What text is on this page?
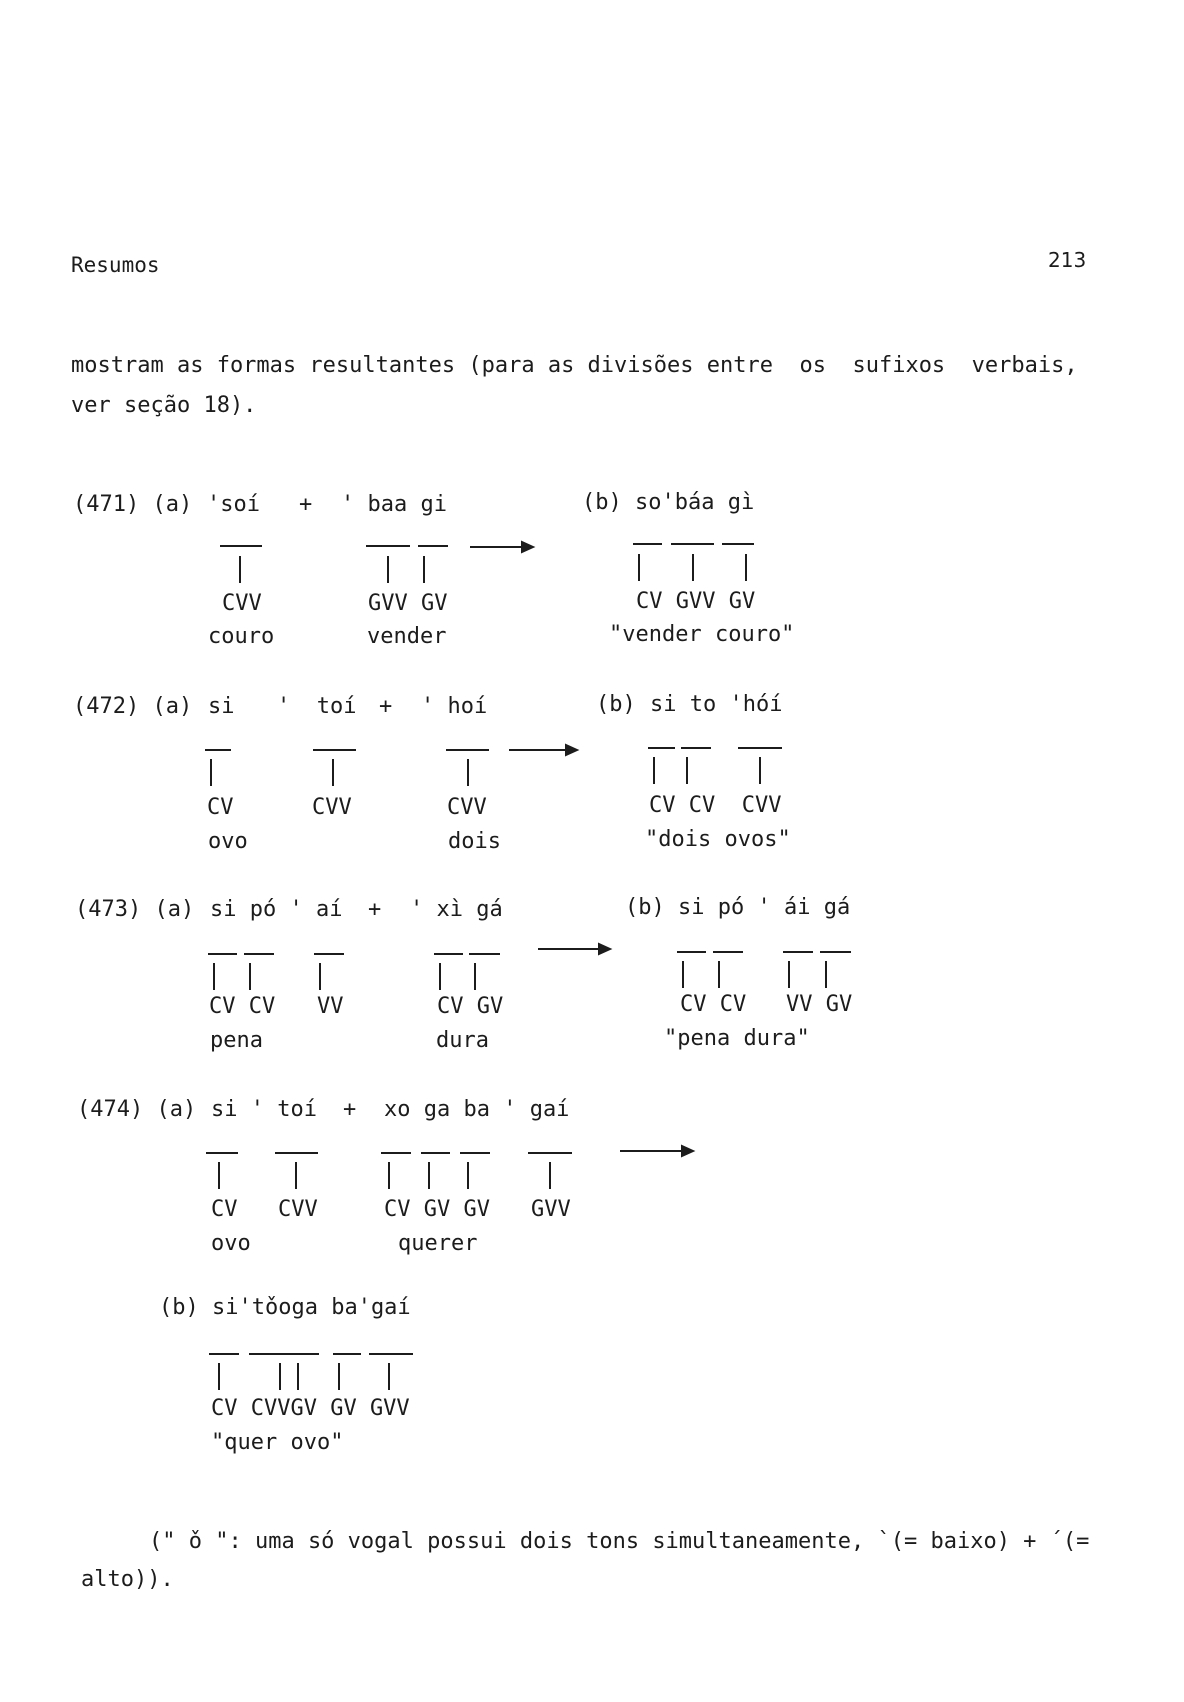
Resumos	213
mostram as formas resultantes (para as divisões entre  os  sufixos  verbais,
ver seção 18).
(471) (a) 'soí + ' baa gi	(b) so'báa gì
CVV	GVV GV	CV GVV GV
couro	vender	"vender couro"
(472) (a) si '  toí + ' hoí	(b) si to 'hóí
CV	CVV	CVV	CV CV  CVV
ovo	dois	"dois ovos"
(473) (a) si pó ' aí + ' xì gá	(b) si pó ' ái gá
CV CV VV	CV GV	CV CV   VV GV
pena	dura	"pena dura"
(474) (a) si ' toí + xo ga ba ' gaí
CV CVV	CV GV GV GVV
ovo	querer
(b) si'tǒoga ba'gaí
CV CVVGV GV GVV
"quer ovo"
(" ǒ ": uma só vogal possui dois tons simultaneamente, `(= baixo) + ´(=
alto)).
